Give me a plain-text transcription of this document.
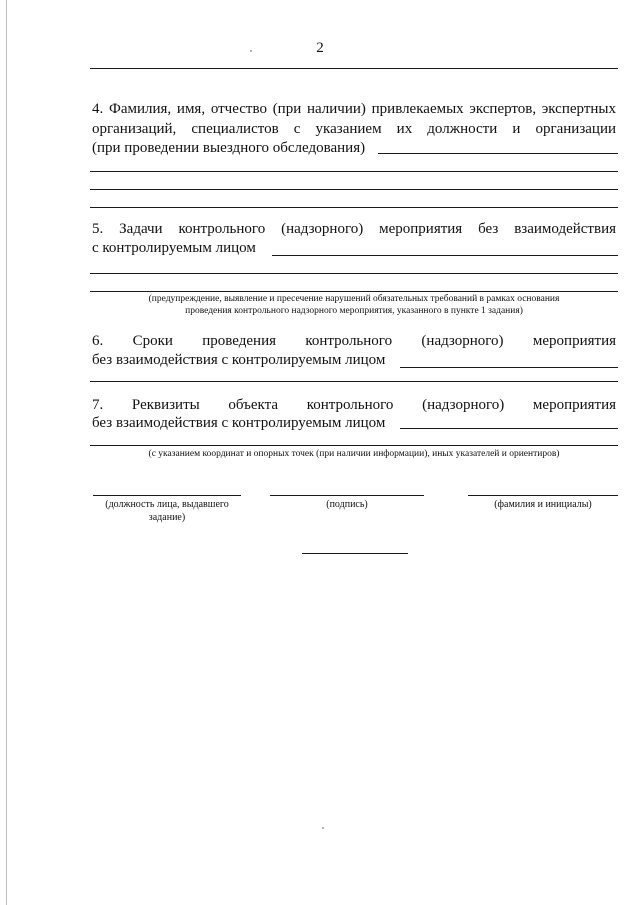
2
4. Фамилия, имя, отчество (при наличии) привлекаемых экспертов, экспертных
организаций, специалистов с указанием их должности и организации
(при проведении выездного обследования)
5. Задачи контрольного (надзорного) мероприятия без взаимодействия
с контролируемым лицом
(предупреждение, выявление и пресечение нарушений обязательных требований в рамках основания
проведения контрольного надзорного мероприятия, указанного в пункте 1 задания)
6. Сроки проведения контрольного (надзорного) мероприятия
без взаимодействия с контролируемым лицом
7. Реквизиты объекта контрольного (надзорного) мероприятия
без взаимодействия с контролируемым лицом
(с указанием координат и опорных точек (при наличии информации), иных указателей и ориентиров)
(должность лица, выдавшего
задание)
(подпись)	(фамилия и инициалы)
